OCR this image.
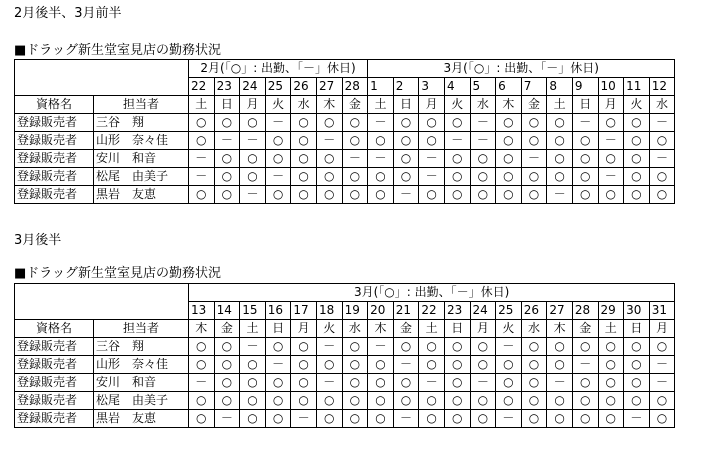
2月後半、3月前半
■ドラッグ新生堂室見店の勤務状況
		2月(「○」: 出勤、「－」休日)							3月(「○」: 出勤、「－」休日)											
		22	23	24	25	26	27	28	1	2	3	4	5	6	7	8	9	10	11	12
資格名	担当者	土	日	月	火	水	木	金	土	日	月	火	水	木	金	土	日	月	火	水
登録販売者	三谷　翔	○	○	○	－	○	○	○	－	○	○	○	－	○	○	○	－	○	○	－
登録販売者	山形　奈々佳	○	－	－	○	○	－	○	○	○	○	－	－	○	○	○	○	－	○	○
登録販売者	安川　和音	－	○	○	○	○	○	－	－	○	－	○	○	○	－	○	○	○	○	－
登録販売者	松尾　由美子	－	○	○	－	○	○	○	○	○	－	○	○	○	○	○	○	－	○	○
登録販売者	黒岩　友恵	○	○	－	○	○	○	○	○	－	○	○	○	○	○	－	○	○	○	○
3月後半
■ドラッグ新生堂室見店の勤務状況
		3月(「○」: 出勤、「－」休日)																		
		13	14	15	16	17	18	19	20	21	22	23	24	25	26	27	28	29	30	31
資格名	担当者	木	金	土	日	月	火	水	木	金	土	日	月	火	水	木	金	土	日	月
登録販売者	三谷　翔	○	○	－	○	○	－	○	－	○	○	○	○	－	○	○	○	○	○	○
登録販売者	山形　奈々佳	○	○	○	－	○	○	○	○	－	○	○	○	○	○	○	－	○	○	－
登録販売者	安川　和音	－	○	○	○	○	－	○	○	○	－	○	－	○	○	－	○	○	○	－
登録販売者	松尾　由美子	○	○	○	○	○	○	○	○	○	○	○	○	○	○	○	○	○	○	○
登録販売者	黒岩　友恵	○	－	○	○	－	○	○	○	－	○	○	○	－	○	○	○	○	－	○
